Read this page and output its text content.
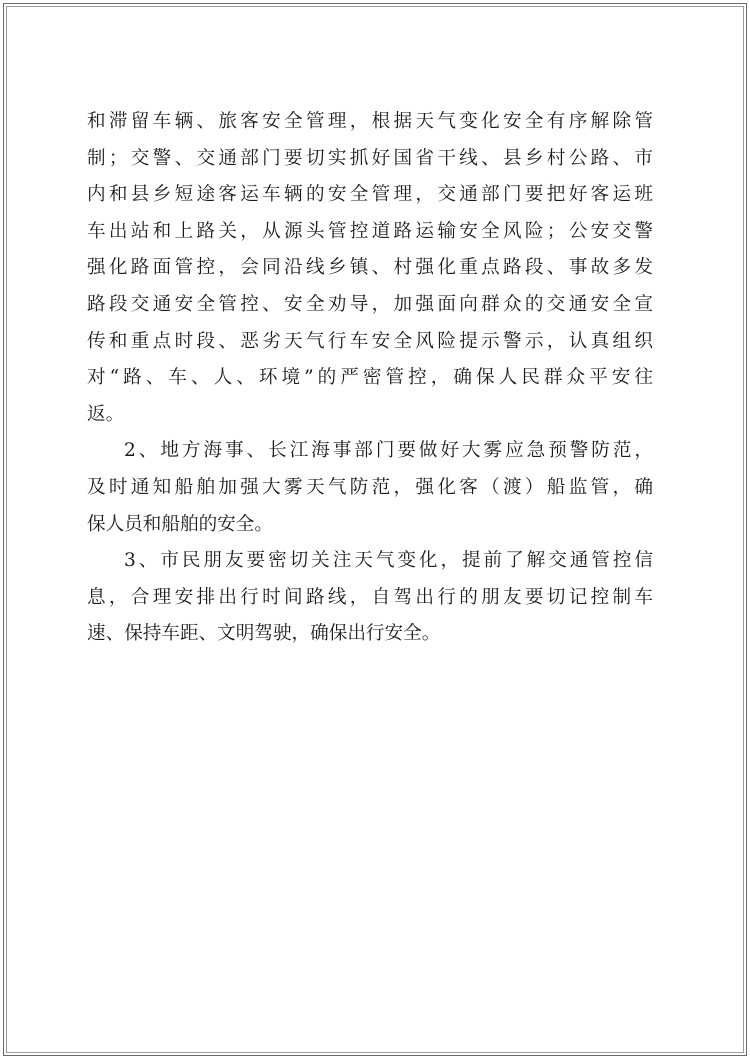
和滞留车辆、旅客安全管理，根据天气变化安全有序解除管
制；交警、交通部门要切实抓好国省干线、县乡村公路、市
内和县乡短途客运车辆的安全管理，交通部门要把好客运班
车出站和上路关，从源头管控道路运输安全风险；公安交警
强化路面管控，会同沿线乡镇、村强化重点路段、事故多发
路段交通安全管控、安全劝导，加强面向群众的交通安全宣
传和重点时段、恶劣天气行车安全风险提示警示，认真组织
对“路、车、人、环境”的严密管控，确保人民群众平安往
返。
2、地方海事、长江海事部门要做好大雾应急预警防范，
及时通知船舶加强大雾天气防范，强化客（渡）船监管，确
保人员和船舶的安全。
3、市民朋友要密切关注天气变化，提前了解交通管控信
息，合理安排出行时间路线，自驾出行的朋友要切记控制车
速、保持车距、文明驾驶，确保出行安全。
